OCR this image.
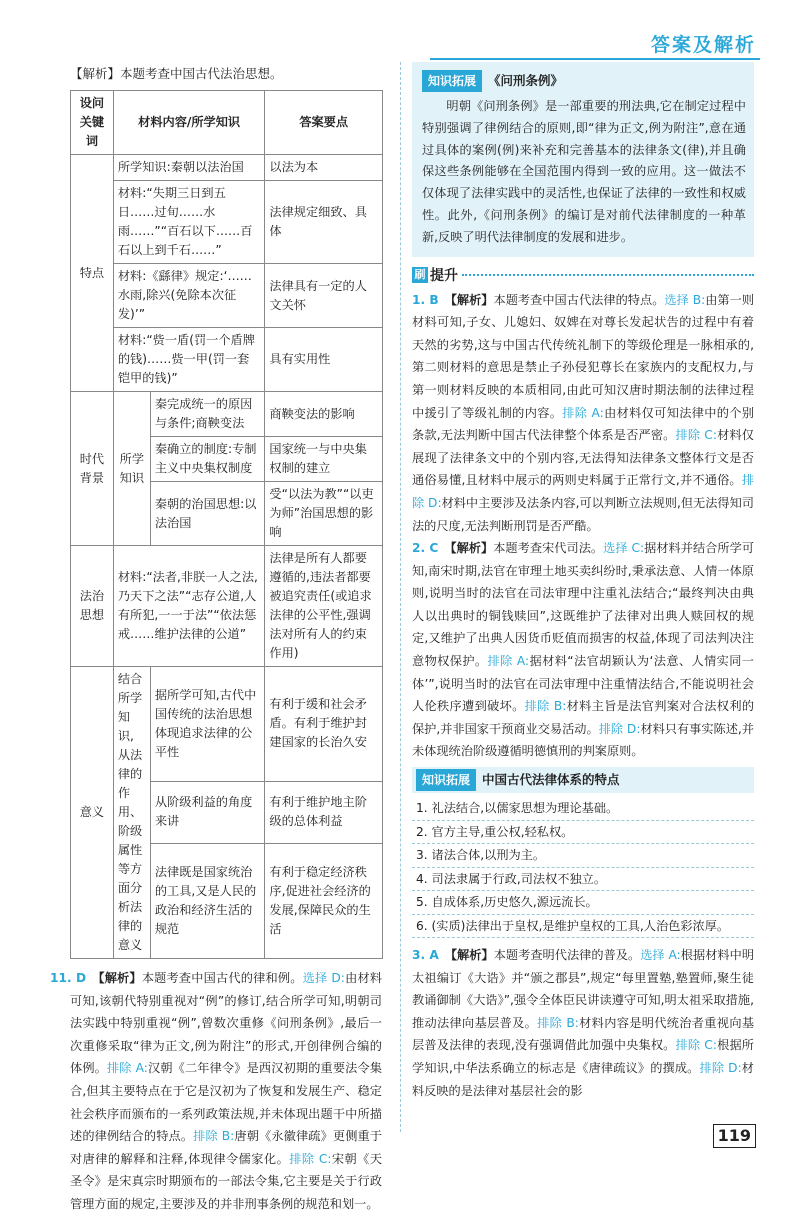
答案及解析
【解析】本题考查中国古代法治思想。
设问关键词	材料内容/所学知识		答案要点
特点	所学知识:秦朝以法治国		以法为本
	材料:“失期三日到五日……过旬……水雨……”“百石以下……百石以上到千石……”		法律规定细致、具体
	材料:《繇律》规定:‘……水雨,除兴(免除本次征发)’”		法律具有一定的人文关怀
	材料:“赀一盾(罚一个盾牌的钱)……赀一甲(罚一套铠甲的钱)”		具有实用性
时代背景	所学知识	秦完成统一的原因与条件;商鞅变法	商鞅变法的影响
		秦确立的制度:专制主义中央集权制度	国家统一与中央集权制的建立
		秦朝的治国思想:以法治国	受“以法为教”“以吏为师”治国思想的影响
法治思想	材料:“法者,非朕一人之法,乃天下之法”“志存公道,人有所犯,一一于法”“依法惩戒……维护法律的公道”		法律是所有人都要遵循的,违法者都要被追究责任(或追求法律的公平性,强调法对所有人的约束作用)
意义	结合所学知识,从法律的作用、阶级属性等方面分析法律的意义	据所学可知,古代中国传统的法治思想体现追求法律的公平性	有利于缓和社会矛盾。有利于维护封建国家的长治久安
		从阶级利益的角度来讲	有利于维护地主阶级的总体利益
		法律既是国家统治的工具,又是人民的政治和经济生活的规范	有利于稳定经济秩序,促进社会经济的发展,保障民众的生活
11. D 【解析】本题考查中国古代的律和例。选择 D:由材料可知,该朝代特别重视对“例”的修订,结合所学可知,明朝司法实践中特别重视“例”,曾数次重修《问刑条例》,最后一次重修采取“律为正文,例为附注”的形式,开创律例合编的体例。排除 A:汉朝《二年律令》是西汉初期的重要法令集合,但其主要特点在于它是汉初为了恢复和发展生产、稳定社会秩序而颁布的一系列政策法规,并未体现出题干中所描述的律例结合的特点。排除 B:唐朝《永徽律疏》更侧重于对唐律的解释和注释,体现律令儒家化。排除 C:宋朝《天圣令》是宋真宗时期颁布的一部法令集,它主要是关于行政管理方面的规定,主要涉及的并非刑事条例的规范和划一。
知识拓展 《问刑条例》
明朝《问刑条例》是一部重要的刑法典,它在制定过程中特别强调了律例结合的原则,即“律为正文,例为附注”,意在通过具体的案例(例)来补充和完善基本的法律条文(律),并且确保这些条例能够在全国范围内得到一致的应用。这一做法不仅体现了法律实践中的灵活性,也保证了法律的一致性和权威性。此外,《问刑条例》的编订是对前代法律制度的一种革新,反映了明代法律制度的发展和进步。
刷 提升
1. B 【解析】本题考查中国古代法律的特点。选择 B:由第一则材料可知,子女、儿媳妇、奴婢在对尊长发起状告的过程中有着天然的劣势,这与中国古代传统礼制下的等级伦理是一脉相承的,第二则材料的意思是禁止子孙侵犯尊长在家族内的支配权力,与第一则材料反映的本质相同,由此可知汉唐时期法制的法律过程中援引了等级礼制的内容。排除 A:由材料仅可知法律中的个别条款,无法判断中国古代法律整个体系是否严密。排除 C:材料仅展现了法律条文中的个别内容,无法得知法律条文整体行文是否通俗易懂,且材料中展示的两则史料属于正常行文,并不通俗。排除 D:材料中主要涉及法条内容,可以判断立法规则,但无法得知司法的尺度,无法判断刑罚是否严酷。
2. C 【解析】本题考查宋代司法。选择 C:据材料并结合所学可知,南宋时期,法官在审理土地买卖纠纷时,秉承法意、人情一体原则,说明当时的法官在司法审理中注重礼法结合;“最终判决由典人以出典时的铜钱赎回”,这既维护了法律对出典人赎回权的规定,又维护了出典人因货币贬值而损害的权益,体现了司法判决注意物权保护。排除 A:据材料“法官胡颖认为‘法意、人情实同一体’”,说明当时的法官在司法审理中注重情法结合,不能说明社会人伦秩序遭到破坏。排除 B:材料主旨是法官判案对合法权利的保护,并非国家干预商业交易活动。排除 D:材料只有事实陈述,并未体现统治阶级遵循明德慎刑的判案原则。
知识拓展 中国古代法律体系的特点
1. 礼法结合,以儒家思想为理论基础。
2. 官方主导,重公权,轻私权。
3. 诸法合体,以刑为主。
4. 司法隶属于行政,司法权不独立。
5. 自成体系,历史悠久,源远流长。
6. (实质)法律出于皇权,是维护皇权的工具,人治色彩浓厚。
3. A 【解析】本题考查明代法律的普及。选择 A:根据材料中明太祖编订《大诰》并“颁之郡县”,规定“每里置塾,塾置师,聚生徒教诵御制《大诰》”,强令全体臣民讲读遵守可知,明太祖采取措施,推动法律向基层普及。排除 B:材料内容是明代统治者重视向基层普及法律的表现,没有强调借此加强中央集权。排除 C:根据所学知识,中华法系确立的标志是《唐律疏议》的撰成。排除 D:材料反映的是法律对基层社会的影
119
